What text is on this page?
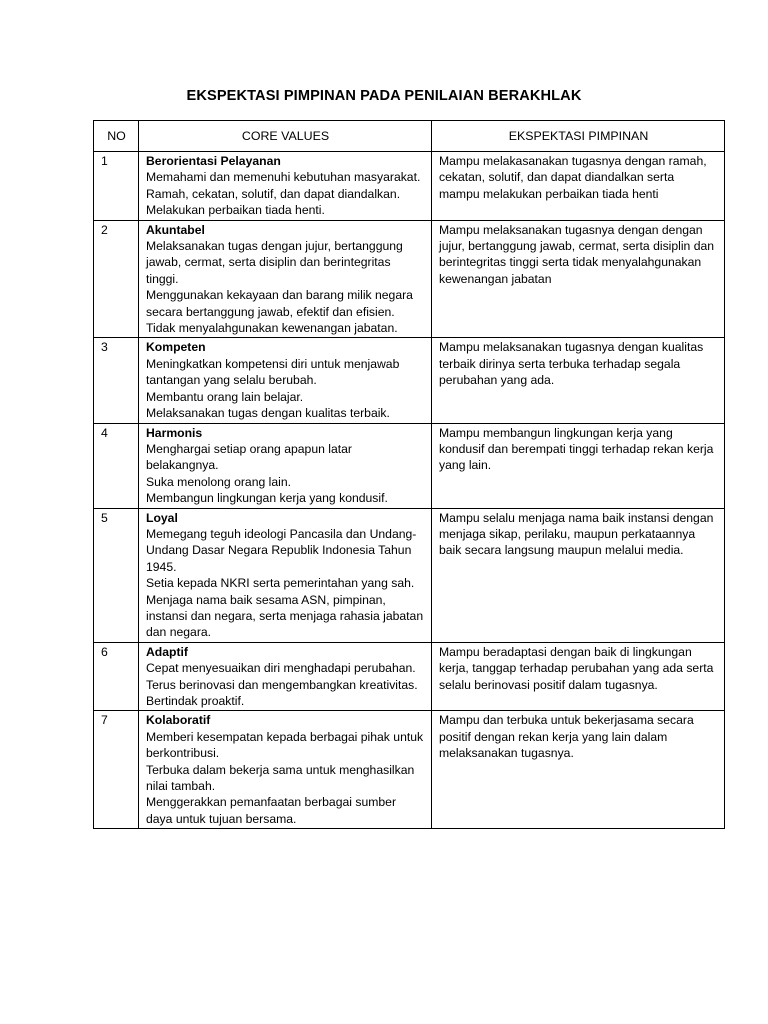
EKSPEKTASI PIMPINAN PADA PENILAIAN BERAKHLAK
NO	CORE VALUES	EKSPEKTASI PIMPINAN
1	Berorientasi Pelayanan
Memahami dan memenuhi kebutuhan masyarakat.
Ramah, cekatan, solutif, dan dapat diandalkan.
Melakukan perbaikan tiada henti.	Mampu melakasanakan tugasnya dengan ramah, cekatan, solutif, dan dapat diandalkan serta mampu melakukan perbaikan tiada henti
2	Akuntabel
Melaksanakan tugas dengan jujur, bertanggung jawab, cermat, serta disiplin dan berintegritas tinggi.
Menggunakan kekayaan dan barang milik negara secara bertanggung jawab, efektif dan efisien.
Tidak menyalahgunakan kewenangan jabatan.	Mampu melaksanakan tugasnya dengan dengan jujur, bertanggung jawab, cermat, serta disiplin dan berintegritas tinggi serta tidak menyalahgunakan kewenangan jabatan
3	Kompeten
Meningkatkan kompetensi diri untuk menjawab tantangan yang selalu berubah.
Membantu orang lain belajar.
Melaksanakan tugas dengan kualitas terbaik.	Mampu melaksanakan tugasnya dengan kualitas terbaik dirinya serta terbuka terhadap segala perubahan yang ada.
4	Harmonis
Menghargai setiap orang apapun latar belakangnya.
Suka menolong orang lain.
Membangun lingkungan kerja yang kondusif.	Mampu membangun lingkungan kerja yang kondusif dan berempati tinggi terhadap rekan kerja yang lain.
5	Loyal
Memegang teguh ideologi Pancasila dan Undang-Undang Dasar Negara Republik Indonesia Tahun 1945.
Setia kepada NKRI serta pemerintahan yang sah.
Menjaga nama baik sesama ASN, pimpinan, instansi dan negara, serta menjaga rahasia jabatan dan negara.	Mampu selalu menjaga nama baik instansi dengan menjaga sikap, perilaku, maupun perkataannya baik secara langsung maupun melalui media.
6	Adaptif
Cepat menyesuaikan diri menghadapi perubahan.
Terus berinovasi dan mengembangkan kreativitas.
Bertindak proaktif.	Mampu beradaptasi dengan baik di lingkungan kerja, tanggap terhadap perubahan yang ada serta selalu berinovasi positif dalam tugasnya.
7	Kolaboratif
Memberi kesempatan kepada berbagai pihak untuk berkontribusi.
Terbuka dalam bekerja sama untuk menghasilkan nilai tambah.
Menggerakkan pemanfaatan berbagai sumber daya untuk tujuan bersama.	Mampu dan terbuka untuk bekerjasama secara positif dengan rekan kerja yang lain dalam melaksanakan tugasnya.
